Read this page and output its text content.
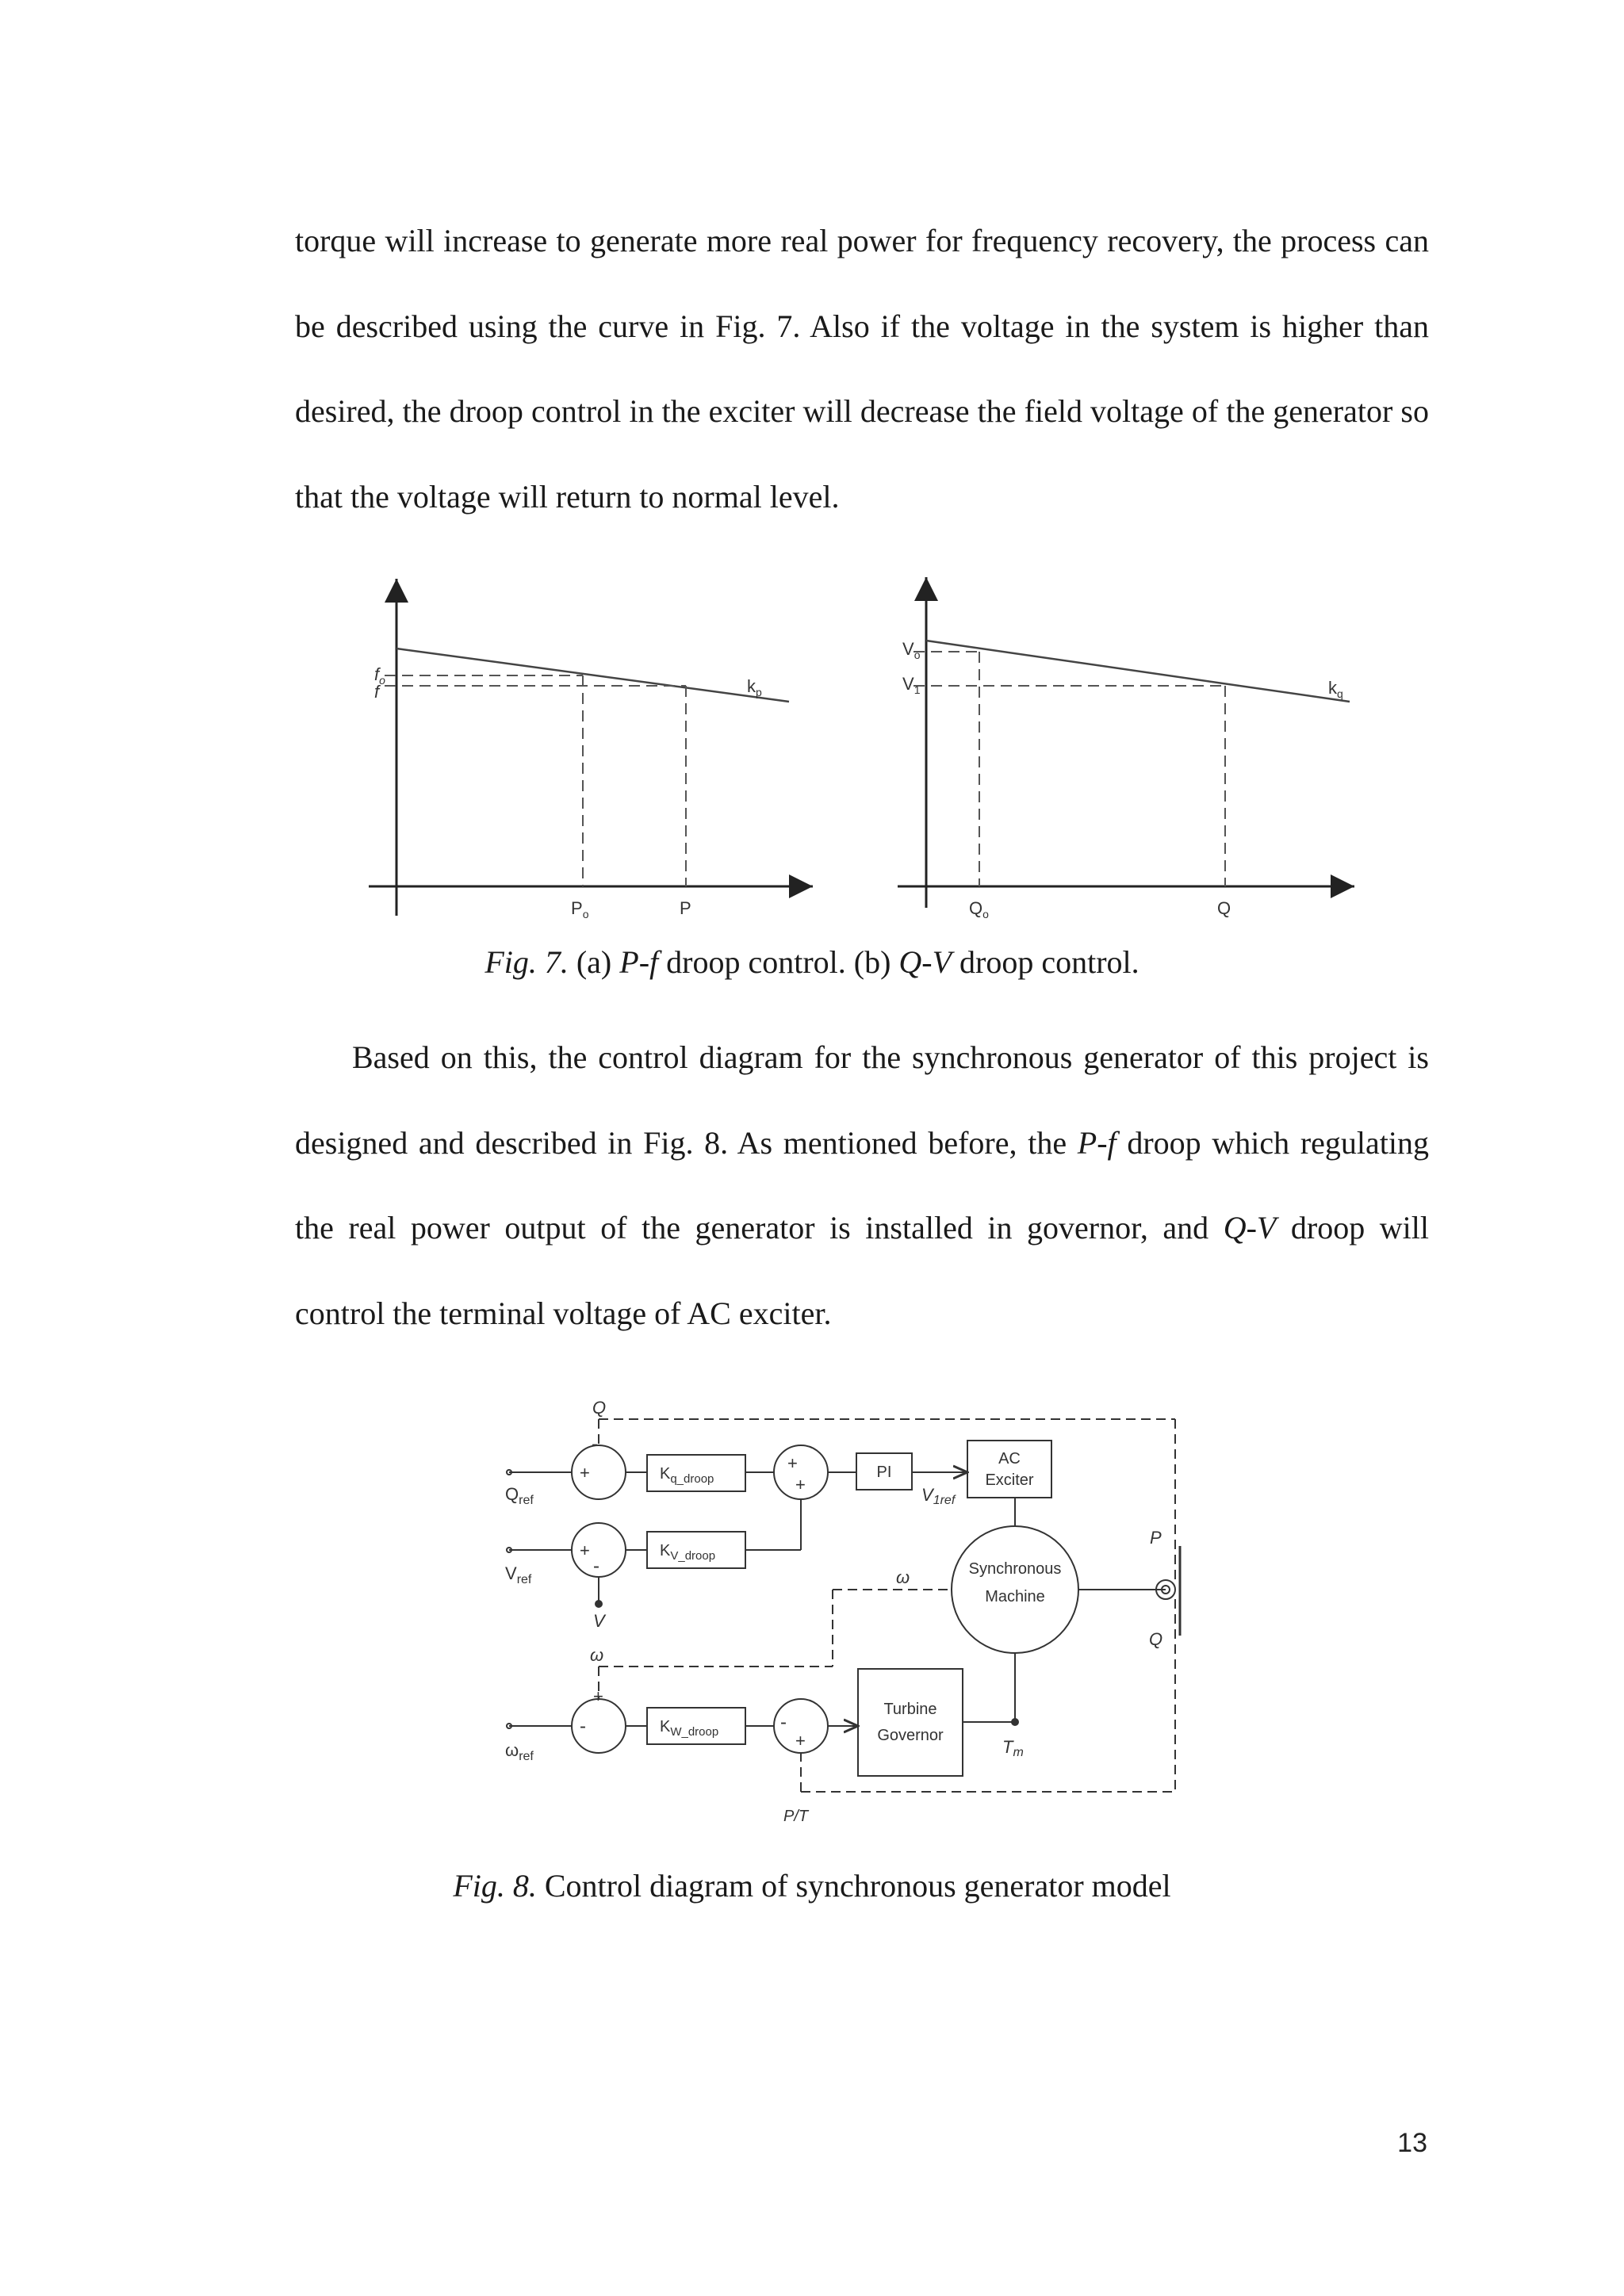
torque will increase to generate more real power for frequency recovery, the process can be described using the curve in Fig. 7. Also if the voltage in the system is higher than desired, the droop control in the exciter will decrease the field voltage of the generator so that the voltage will return to normal level.

$f_o$
f
$P_o$	P
$k_p$
$V_o$
$V_1$
$Q_o$	Q
$k_q$

Fig. 7. (a) P-f droop control. (b) Q-V droop control.

Based on this, the control diagram for the synchronous generator of this project is designed and described in Fig. 8. As mentioned before, the P-f droop which regulating the real power output of the generator is installed in governor, and Q-V droop will control the terminal voltage of AC exciter.

Q
-
+	+
+
+
-
+
-	-
+
$K_{q\_droop}$
$K_{V\_droop}$
$K_{W\_droop}$
PI
AC
Exciter
V1ref
Synchronous
Machine
$Q_{ref}$
$V_{ref}$
V
ω
ω
$\omega_{ref}$
Turbine
Governor
Tm
P/T
P
Q

Fig. 8. Control diagram of synchronous generator model

13
